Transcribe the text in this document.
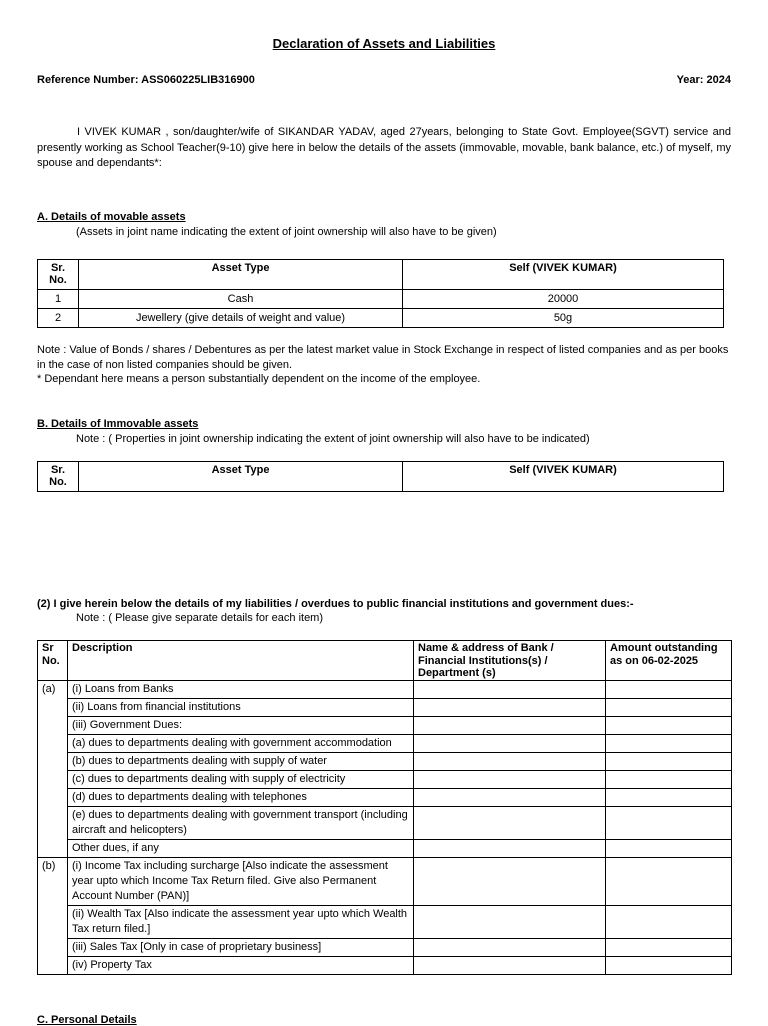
Declaration of Assets and Liabilities
Reference Number: ASS060225LIB316900	Year: 2024
I VIVEK KUMAR , son/daughter/wife of SIKANDAR YADAV, aged 27years, belonging to State Govt. Employee(SGVT) service and presently working as School Teacher(9-10) give here in below the details of the assets (immovable, movable, bank balance, etc.) of myself, my spouse and dependants*:
A. Details of movable assets
(Assets in joint name indicating the extent of joint ownership will also have to be given)
Sr. No.	Asset Type	Self (VIVEK KUMAR)
1	Cash	20000
2	Jewellery (give details of weight and value)	50g
Note : Value of Bonds / shares / Debentures as per the latest market value in Stock Exchange in respect of listed companies and as per books in the case of non listed companies should be given.
* Dependant here means a person substantially dependent on the income of the employee.
B. Details of Immovable assets
Note : ( Properties in joint ownership indicating the extent of joint ownership will also have to be indicated)
Sr. No.	Asset Type	Self (VIVEK KUMAR)
(2) I give herein below the details of my liabilities / overdues to public financial institutions and government dues:-
Note : ( Please give separate details for each item)
Sr No.	Description	Name & address of Bank / Financial Institutions(s) / Department (s)	Amount outstanding as on 06-02-2025
(a)	(i) Loans from Banks		
	(ii) Loans from financial institutions		
	(iii) Government Dues:		
	(a) dues to departments dealing with government accommodation		
	(b) dues to departments dealing with supply of water		
	(c) dues to departments dealing with supply of electricity		
	(d) dues to departments dealing with telephones		
	(e) dues to departments dealing with government transport (including aircraft and helicopters)		
	Other dues, if any		
(b)	(i) Income Tax including surcharge [Also indicate the assessment year upto which Income Tax Return filed. Give also Permanent Account Number (PAN)]		
	(ii) Wealth Tax [Also indicate the assessment year upto which Wealth Tax return filed.]		
	(iii) Sales Tax [Only in case of proprietary business]		
	(iv) Property Tax		
C. Personal Details
